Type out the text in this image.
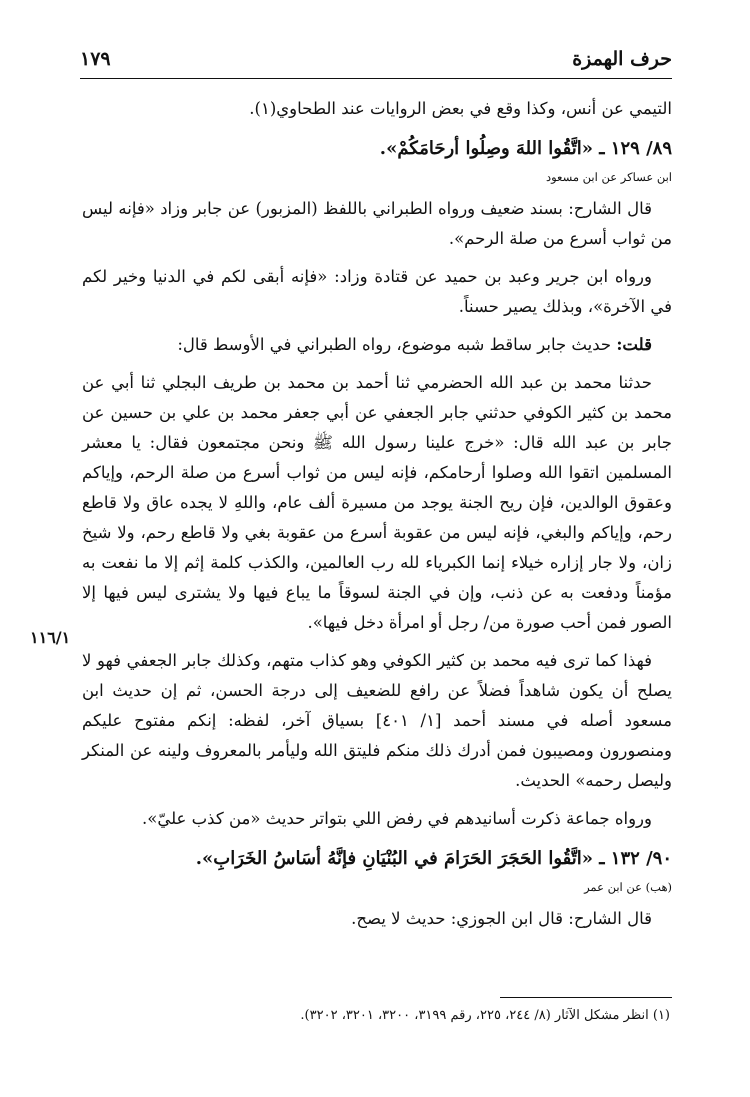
حرف الهمزة
١٧٩

التيمي عن أنس، وكذا وقع في بعض الروايات عند الطحاوي(١).

٨٩/ ١٢٩ ـ «اتَّقُوا اللهَ وصِلُوا أرحَامَكُمْ».

ابن عساكر عن ابن مسعود

قال الشارح: بسند ضعيف ورواه الطبراني باللفظ (المزبور) عن جابر وزاد «فإنه ليس من ثواب أسرع من صلة الرحم».

ورواه ابن جرير وعبد بن حميد عن قتادة وزاد: «فإنه أبقى لكم في الدنيا وخير لكم في الآخرة»، وبذلك يصير حسناً.

قلت: حديث جابر ساقط شبه موضوع، رواه الطبراني في الأوسط قال:

حدثنا محمد بن عبد الله الحضرمي ثنا أحمد بن محمد بن طريف البجلي ثنا أبي عن محمد بن كثير الكوفي حدثني جابر الجعفي عن أبي جعفر محمد بن علي بن حسين عن جابر بن عبد الله قال: «خرج علينا رسول الله ﷺ ونحن مجتمعون فقال: يا معشر المسلمين اتقوا الله وصلوا أرحامكم، فإنه ليس من ثواب أسرع من صلة الرحم، وإياكم وعقوق الوالدين، فإن ريح الجنة يوجد من مسيرة ألف عام، واللهِ لا يجده عاق ولا قاطع رحم، وإياكم والبغي، فإنه ليس من عقوبة أسرع من عقوبة بغي ولا قاطع رحم، ولا شيخ زان، ولا جار إزاره خيلاء إنما الكبرياء لله رب العالمين، والكذب كلمة إثم إلا ما نفعت به مؤمناً ودفعت به عن ذنب، وإن في الجنة لسوقاً ما يباع فيها ولا يشترى ليس فيها إلا الصور فمن أحب صورة من/ رجل أو امرأة دخل فيها».

فهذا كما ترى فيه محمد بن كثير الكوفي وهو كذاب متهم، وكذلك جابر الجعفي فهو لا يصلح أن يكون شاهداً فضلاً عن رافع للضعيف إلى درجة الحسن، ثم إن حديث ابن مسعود أصله في مسند أحمد [١/ ٤٠١] بسياق آخر، لفظه: إنكم مفتوح عليكم ومنصورون ومصيبون فمن أدرك ذلك منكم فليتق الله وليأمر بالمعروف ولينه عن المنكر وليصل رحمه» الحديث.

ورواه جماعة ذكرت أسانيدهم في رفض اللي بتواتر حديث «من كذب عليّ».

٩٠/ ١٣٢ ـ «اتَّقُوا الحَجَرَ الحَرَامَ في البُنْيَانِ فإنَّهُ أسَاسُ الخَرَابِ».

(هب) عن ابن عمر

قال الشارح: قال ابن الجوزي: حديث لا يصح.

١١٦/١
(١) انظر مشكل الآثار (٨/ ٢٤٤، ٢٢٥، رقم ٣١٩٩، ٣٢٠٠، ٣٢٠١، ٣٢٠٢).
